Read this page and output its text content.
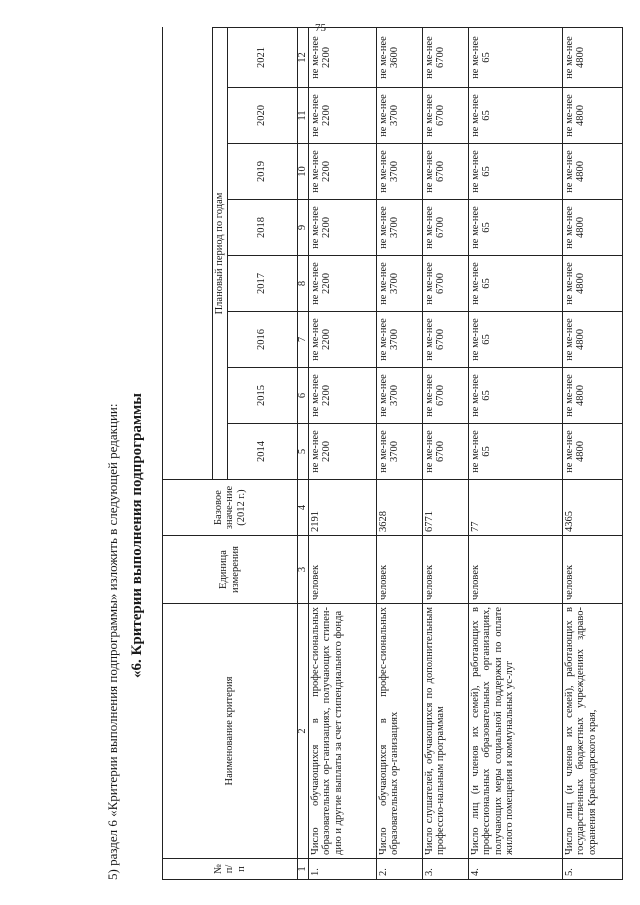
75
5) раздел 6 «Критерии выполнения подпрограммы» изложить в следующей редакции: «6. Критерии выполнения подпрограммы
№ п/п	Наименование критерия	Единица измерения	Базовое значе-ние (2012 г.)								
				Плановый период по годам							
				2014	2015	2016	2017	2018	2019	2020	2021
1	2	3	4	5	6	7	8	9	10	11	12
1.	Число обучающихся в профес-сиональных образовательных ор-ганизациях, получающих стипен-дию и другие выплаты за счет стипендиального фонда	человек	2191	не ме-нее 2200	не ме-нее 2200	не ме-нее 2200	не ме-нее 2200	не ме-нее 2200	не ме-нее 2200	не ме-нее 2200	не ме-нее 2200
2.	Число обучающихся в профес-сиональных образовательных ор-ганизациях	человек	3628	не ме-нее 3700	не ме-нее 3700	не ме-нее 3700	не ме-нее 3700	не ме-нее 3700	не ме-нее 3700	не ме-нее 3700	не ме-нее 3600
3.	Число слушателей, обучающихся по дополнительным профессио-нальным программам	человек	6771	не ме-нее 6700	не ме-нее 6700	не ме-нее 6700	не ме-нее 6700	не ме-нее 6700	не ме-нее 6700	не ме-нее 6700	не ме-нее 6700
4.	Число лиц (и членов их семей), работающих в профессиональных образовательных организациях, получающих меры социальной поддержки по оплате жилого помещения и коммунальных ус-луг	человек	77	не ме-нее 65	не ме-нее 65	не ме-нее 65	не ме-нее 65	не ме-нее 65	не ме-нее 65	не ме-нее 65	не ме-нее 65
5.	Число лиц (и членов их семей), работающих в государственных бюджетных учреждениях здраво-охранения Краснодарского края,	человек	4365	не ме-нее 4800	не ме-нее 4800	не ме-нее 4800	не ме-нее 4800	не ме-нее 4800	не ме-нее 4800	не ме-нее 4800	не ме-нее 4800
